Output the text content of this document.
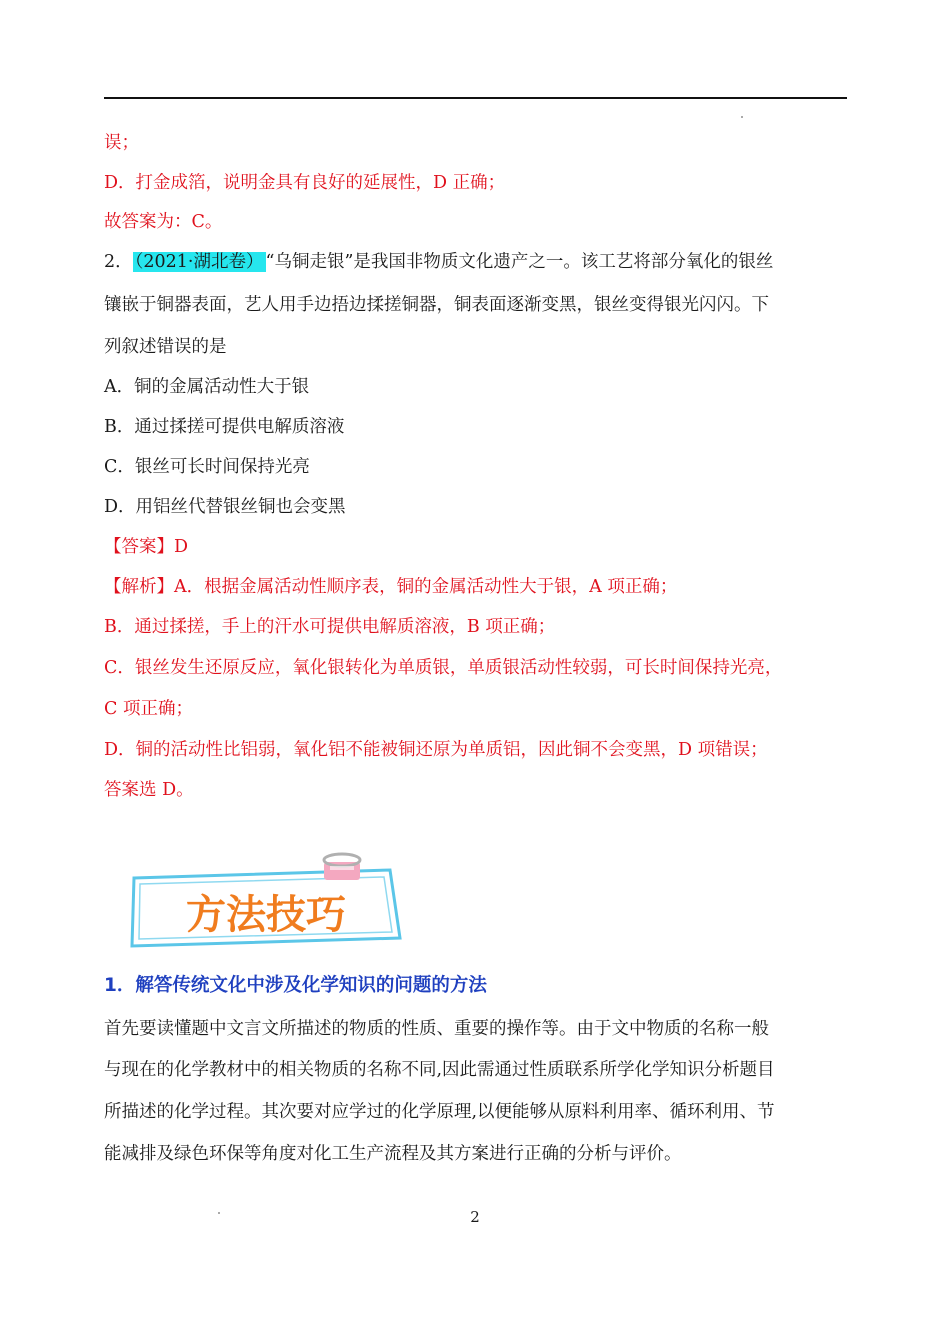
误；
D．打金成箔，说明金具有良好的延展性，D 正确；
故答案为：C。
2． （2021·湖北卷） “乌铜走银”是我国非物质文化遗产之一。该工艺将部分氧化的银丝
镶嵌于铜器表面，艺人用手边捂边揉搓铜器，铜表面逐渐变黑，银丝变得银光闪闪。下
列叙述错误的是
A．铜的金属活动性大于银
B．通过揉搓可提供电解质溶液
C．银丝可长时间保持光亮
D．用铝丝代替银丝铜也会变黑
【答案】D
【解析】A．根据金属活动性顺序表，铜的金属活动性大于银，A 项正确；
B．通过揉搓，手上的汗水可提供电解质溶液，B 项正确；
C．银丝发生还原反应，氧化银转化为单质银，单质银活动性较弱，可长时间保持光亮，
C 项正确；
D．铜的活动性比铝弱，氧化铝不能被铜还原为单质铝，因此铜不会变黑，D 项错误；
答案选 D。
方法技巧
1．解答传统文化中涉及化学知识的问题的方法
首先要读懂题中文言文所描述的物质的性质、重要的操作等。由于文中物质的名称一般
与现在的化学教材中的相关物质的名称不同,因此需通过性质联系所学化学知识分析题目
所描述的化学过程。其次要对应学过的化学原理,以便能够从原料利用率、循环利用、节
能减排及绿色环保等角度对化工生产流程及其方案进行正确的分析与评价。
2
